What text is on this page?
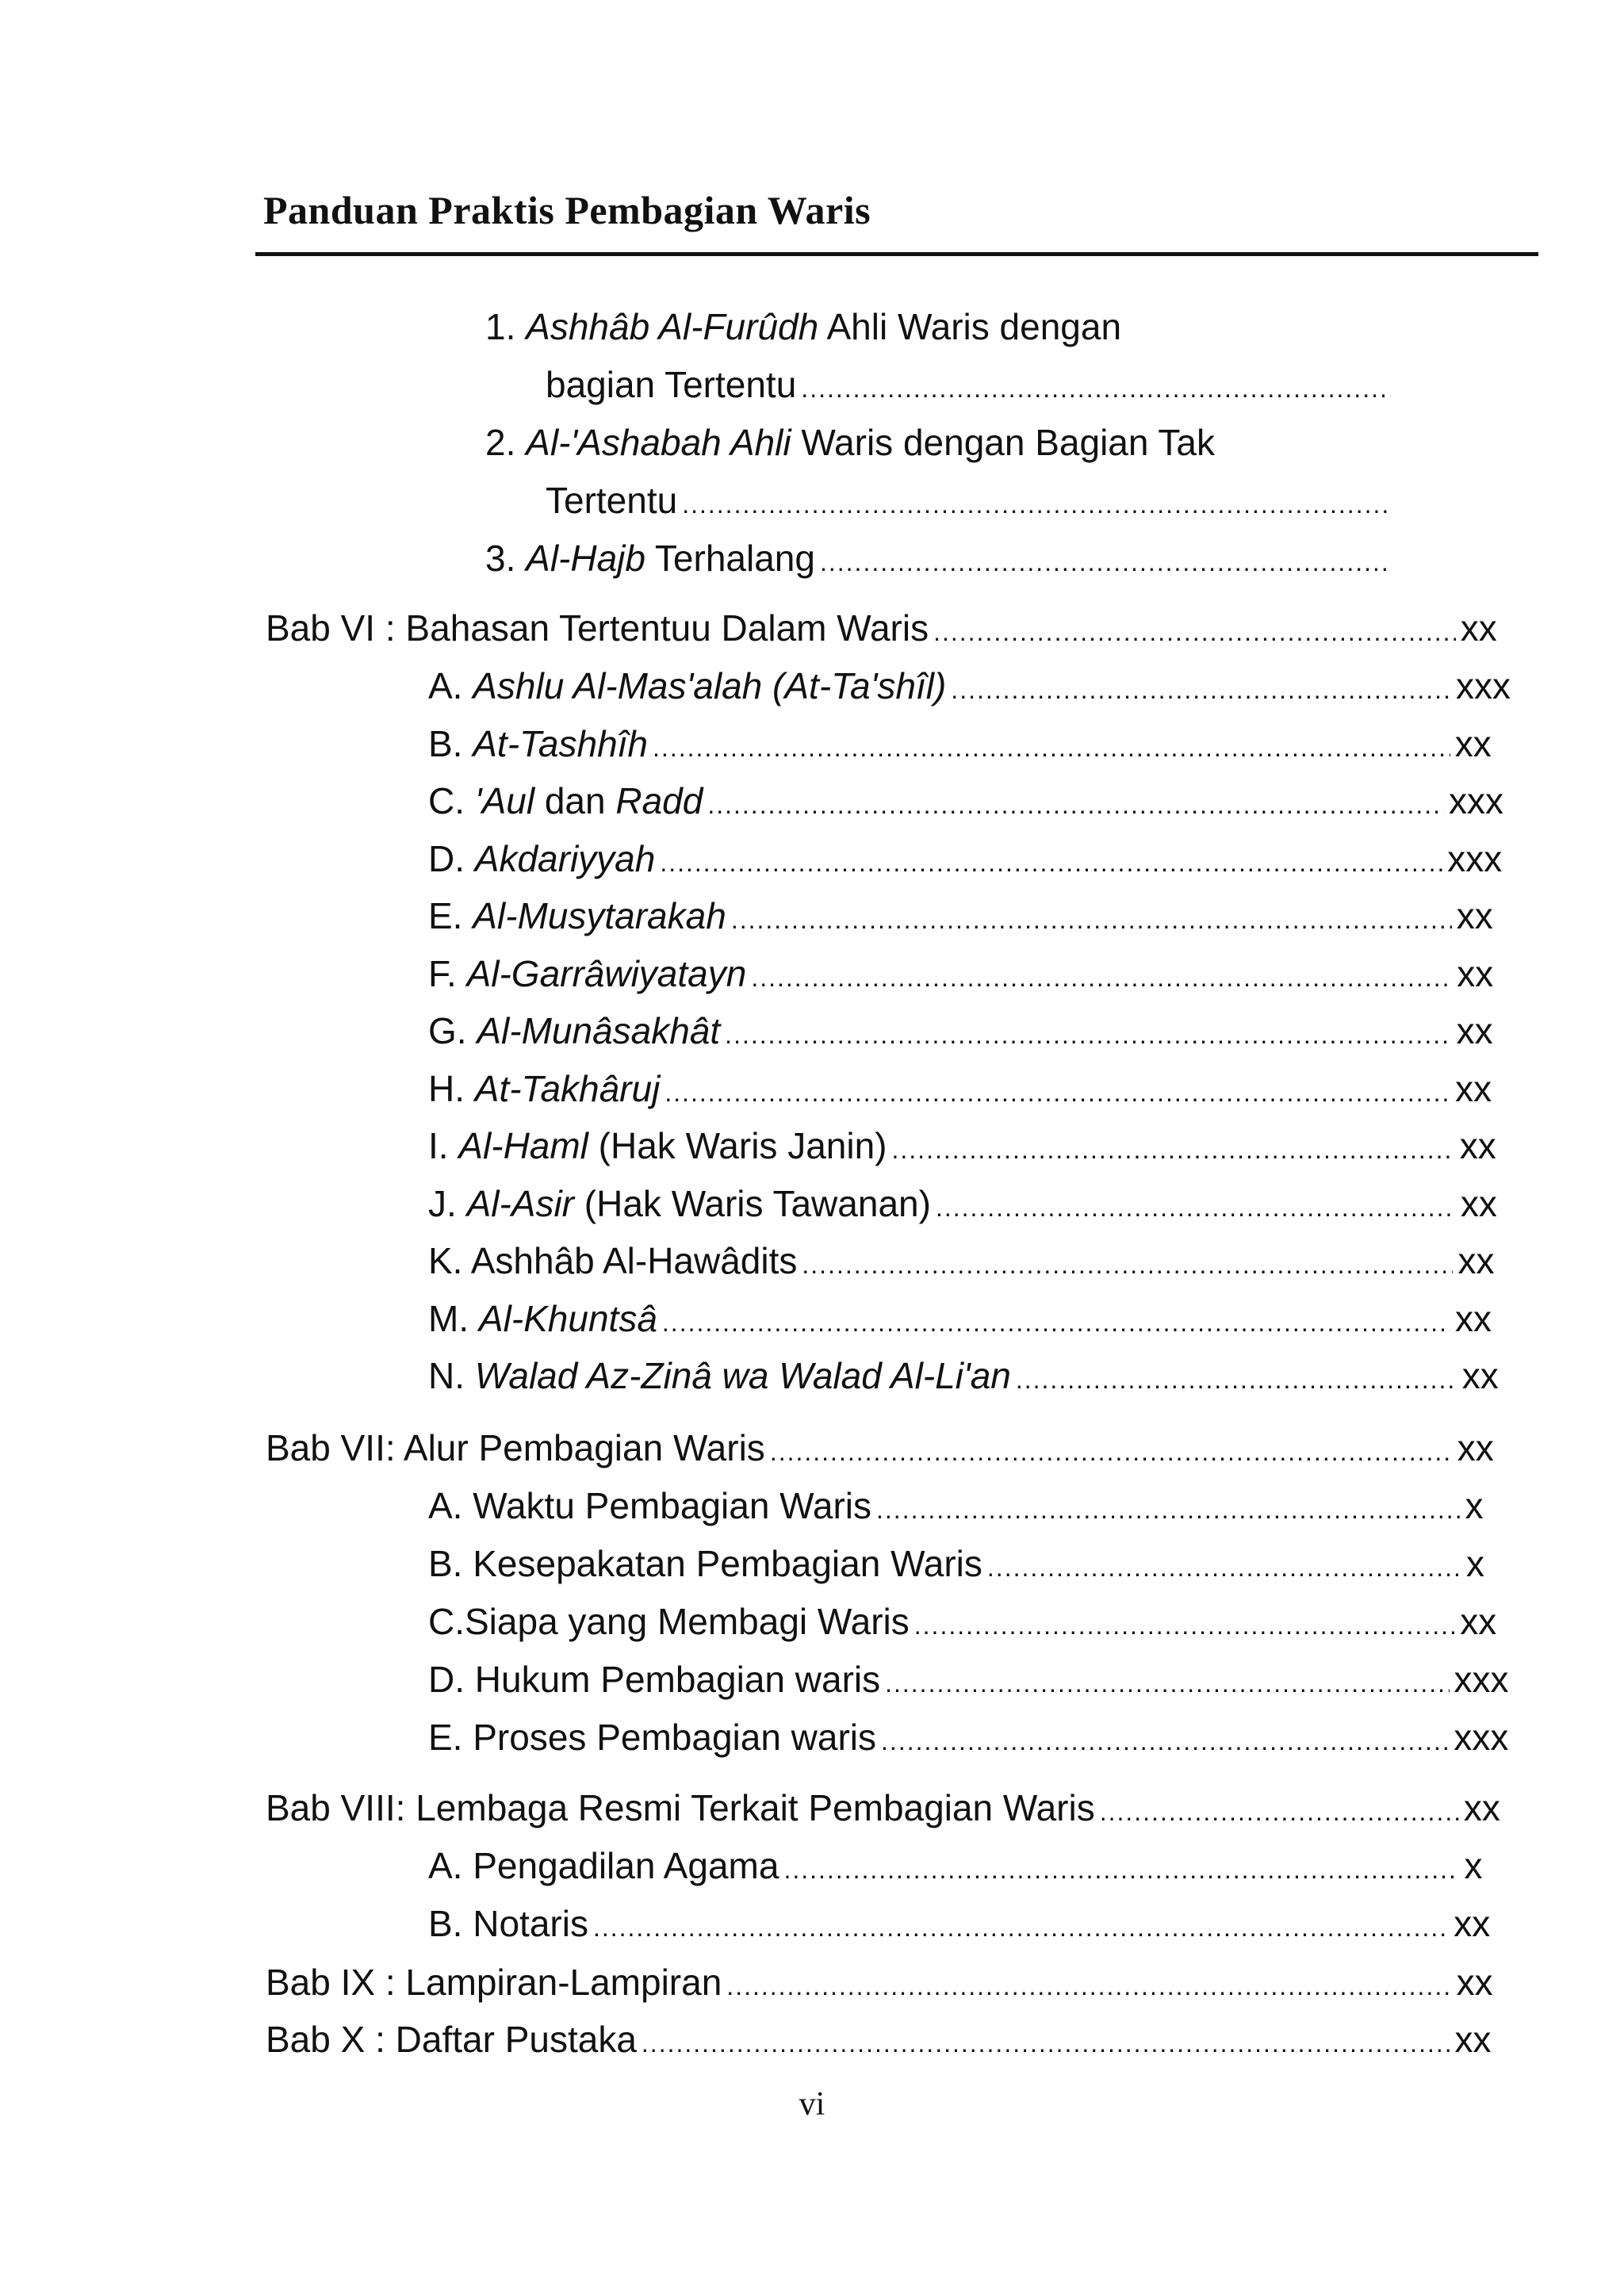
Panduan Praktis Pembagian Waris
1. Ashhâb Al-Furûdh Ahli Waris dengan
bagian Tertentu
.....
2. Al-'Ashabah Ahli Waris dengan Bagian Tak
Tertentu
.....
3. Al-Hajb Terhalang
.....
Bab VI : Bahasan Tertentuu Dalam Waris .....	xx
A. Ashlu Al-Mas'alah (At-Ta'shîl) .....	xxx
B. At-Tashhîh .....	xx
C. 'Aul dan Radd .....	xxx
D. Akdariyyah .....	xxx
E. Al-Musytarakah .....	xx
F. Al-Garrâwiyatayn .....	xx
G. Al-Munâsakhât .....	xx
H. At-Takhâruj .....	xx
I. Al-Haml (Hak Waris Janin) .....	xx
J. Al-Asir (Hak Waris Tawanan) .....	xx
K. Ashhâb Al-Hawâdits .....	xx
M. Al-Khuntsâ .....	xx
N. Walad Az-Zinâ wa Walad Al-Li'an .....	xx
Bab VII: Alur Pembagian Waris .....	xx
A. Waktu Pembagian Waris .....	x
B. Kesepakatan Pembagian Waris .....	x
C.Siapa yang Membagi Waris .....	xx
D. Hukum Pembagian waris .....	xxx
E. Proses Pembagian waris .....	xxx
Bab VIII: Lembaga Resmi Terkait Pembagian Waris .....	xx
A. Pengadilan Agama .....	x
B. Notaris .....	xx
Bab IX : Lampiran-Lampiran .....	xx
Bab X : Daftar Pustaka .....	xx
vi
